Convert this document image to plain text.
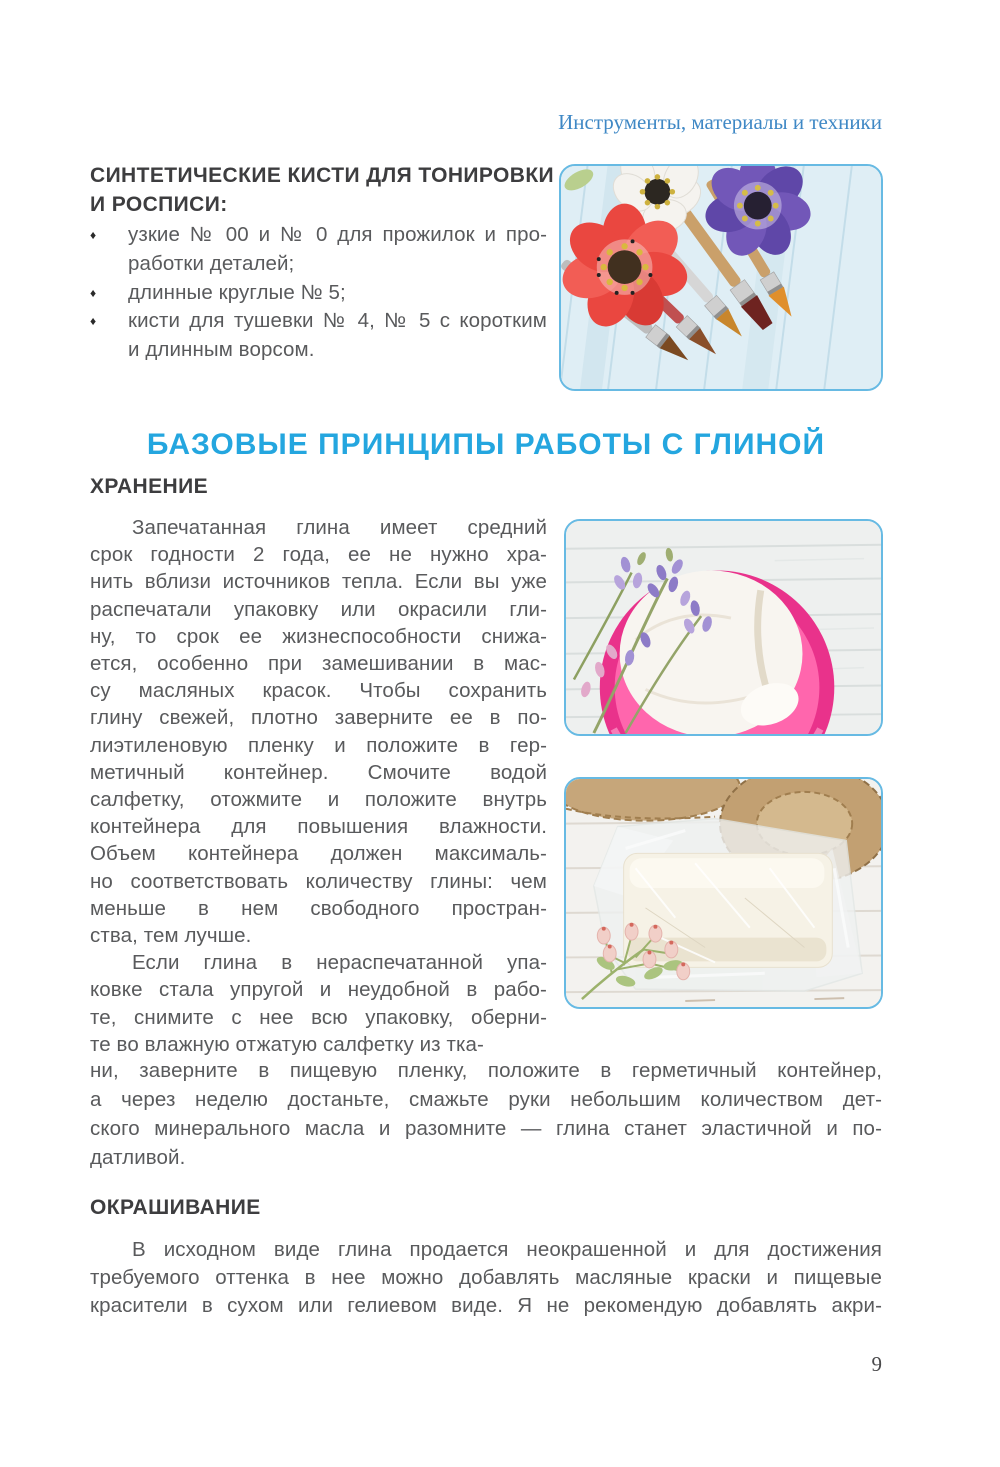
Инструменты, материалы и техники
СИНТЕТИЧЕСКИЕ КИСТИ ДЛЯ ТОНИРОВКИ
И РОСПИСИ:
♦	узкие № 00 и № 0 для прожилок и про-
работки деталей;
♦	длинные круглые № 5;
♦	кисти для тушевки № 4, № 5 с коротким
и длинным ворсом.
БАЗОВЫЕ ПРИНЦИПЫ РАБОТЫ С ГЛИНОЙ
ХРАНЕНИЕ
Запечатанная глина имеет средний
срок годности 2 года, ее не нужно хра-
нить вблизи источников тепла. Если вы уже
распечатали упаковку или окрасили гли-
ну, то срок ее жизнеспособности снижа-
ется, особенно при замешивании в мас-
су масляных красок. Чтобы сохранить
глину свежей, плотно заверните ее в по-
лиэтиленовую пленку и положите в гер-
метичный контейнер. Смочите водой
салфетку, отожмите и положите внутрь
контейнера для повышения влажности.
Объем контейнера должен максималь-
но соответствовать количеству глины: чем
меньше в нем свободного простран-
ства, тем лучше.
Если глина в нераспечатанной упа-
ковке стала упругой и неудобной в рабо-
те, снимите с нее всю упаковку, оберни-
те во влажную отжатую салфетку из тка-
ни, заверните в пищевую пленку, положите в герметичный контейнер,
а через неделю достаньте, смажьте руки небольшим количеством дет-
ского минерального масла и разомните — глина станет эластичной и по-
датливой.
ОКРАШИВАНИЕ
В исходном виде глина продается неокрашенной и для достижения
требуемого оттенка в нее можно добавлять масляные краски и пищевые
красители в сухом или гелиевом виде. Я не рекомендую добавлять акри-
9
